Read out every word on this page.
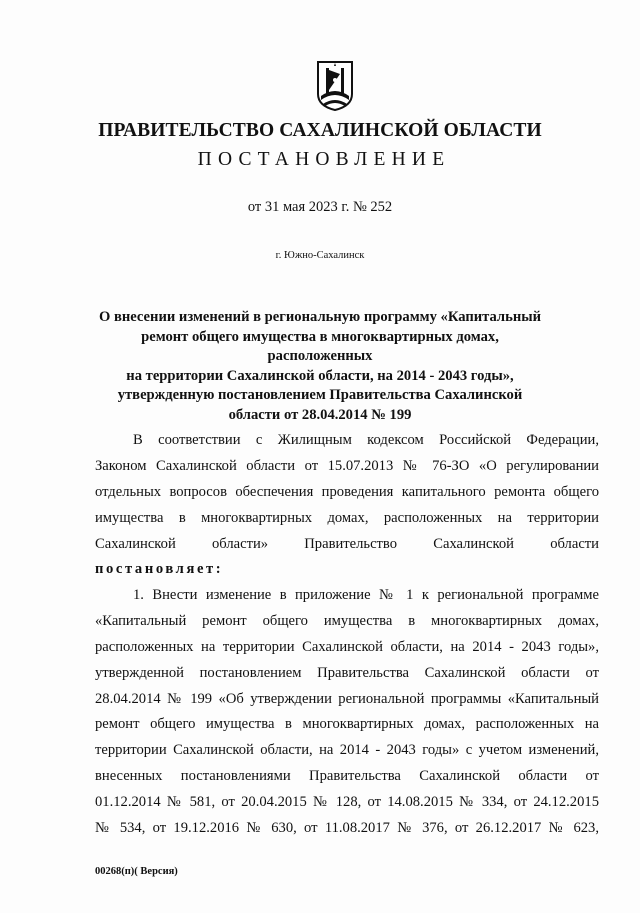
ПРАВИТЕЛЬСТВО САХАЛИНСКОЙ ОБЛАСТИ
ПОСТАНОВЛЕНИЕ
от 31 мая 2023 г. № 252
г. Южно-Сахалинск
О внесении изменений в региональную программу «Капитальный
ремонт общего имущества в многоквартирных домах, расположенных
на территории Сахалинской области, на 2014 - 2043 годы»,
утвержденную постановлением Правительства Сахалинской
области от 28.04.2014 № 199
В соответствии с Жилищным кодексом Российской Федерации,
Законом Сахалинской области от 15.07.2013 № 76-ЗО «О регулировании
отдельных вопросов обеспечения проведения капитального ремонта общего
имущества в многоквартирных домах, расположенных на территории
Сахалинской области» Правительство Сахалинской области
постановляет:
1. Внести изменение в приложение № 1 к региональной программе
«Капитальный ремонт общего имущества в многоквартирных домах,
расположенных на территории Сахалинской области, на 2014 - 2043 годы»,
утвержденной постановлением Правительства Сахалинской области от
28.04.2014 № 199 «Об утверждении региональной программы «Капитальный
ремонт общего имущества в многоквартирных домах, расположенных на
территории Сахалинской области, на 2014 - 2043 годы» с учетом изменений,
внесенных постановлениями Правительства Сахалинской области от
01.12.2014 № 581, от 20.04.2015 № 128, от 14.08.2015 № 334, от 24.12.2015
№ 534, от 19.12.2016 № 630, от 11.08.2017 № 376, от 26.12.2017 № 623,
00268(п)( Версия)
